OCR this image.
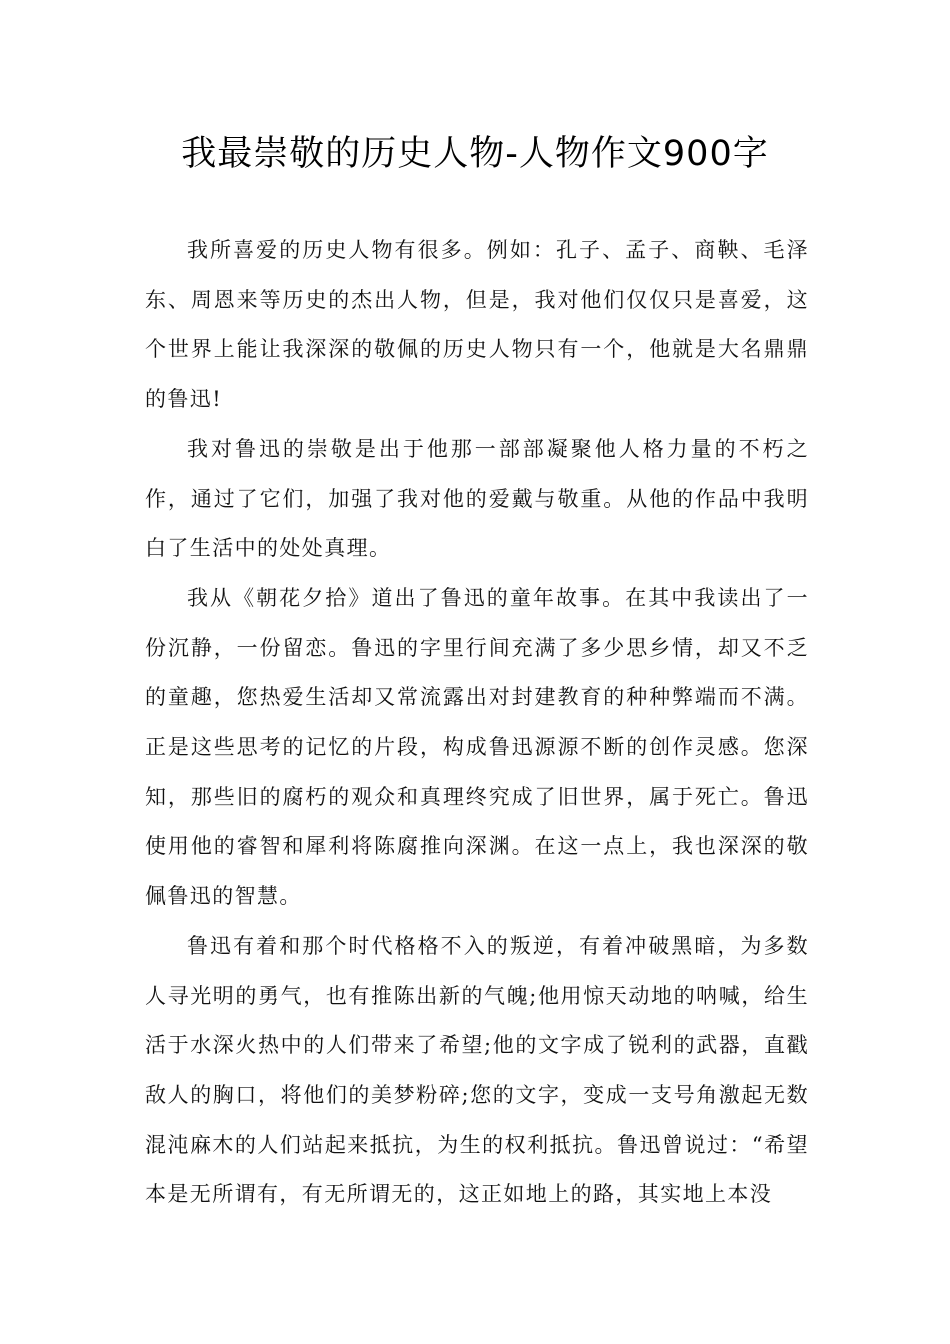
我最崇敬的历史人物-人物作文900字

我所喜爱的历史人物有很多。例如：孔子、孟子、商鞅、毛泽东、周恩来等历史的杰出人物，但是，我对他们仅仅只是喜爱，这个世界上能让我深深的敬佩的历史人物只有一个，他就是大名鼎鼎的鲁迅!

我对鲁迅的崇敬是出于他那一部部凝聚他人格力量的不朽之作，通过了它们，加强了我对他的爱戴与敬重。从他的作品中我明白了生活中的处处真理。

我从《朝花夕拾》道出了鲁迅的童年故事。在其中我读出了一份沉静，一份留恋。鲁迅的字里行间充满了多少思乡情，却又不乏的童趣，您热爱生活却又常流露出对封建教育的种种弊端而不满。正是这些思考的记忆的片段，构成鲁迅源源不断的创作灵感。您深知，那些旧的腐朽的观众和真理终究成了旧世界，属于死亡。鲁迅使用他的睿智和犀利将陈腐推向深渊。在这一点上，我也深深的敬佩鲁迅的智慧。

鲁迅有着和那个时代格格不入的叛逆，有着冲破黑暗，为多数人寻光明的勇气，也有推陈出新的气魄;他用惊天动地的呐喊，给生活于水深火热中的人们带来了希望;他的文字成了锐利的武器，直戳敌人的胸口，将他们的美梦粉碎;您的文字，变成一支号角激起无数混沌麻木的人们站起来抵抗，为生的权利抵抗。鲁迅曾说过：“希望本是无所谓有，有无所谓无的，这正如地上的路，其实地上本没
